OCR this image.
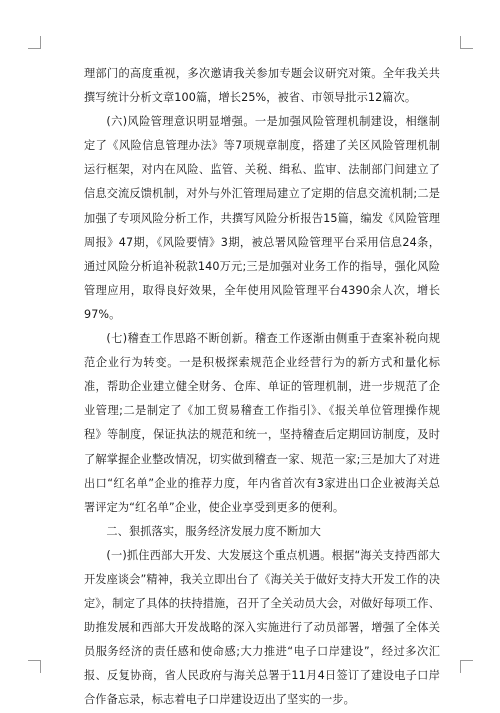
理部门的高度重视，多次邀请我关参加专题会议研究对策。全年我关共撰写统计分析文章100篇，增长25%，被省、市领导批示12篇次。

(六)风险管理意识明显增强。一是加强风险管理机制建设，相继制定了《风险信息管理办法》等7项规章制度，搭建了关区风险管理机制运行框架，对内在风险、监管、关税、缉私、监审、法制部门间建立了信息交流反馈机制，对外与外汇管理局建立了定期的信息交流机制;二是加强了专项风险分析工作，共撰写风险分析报告15篇，编发《风险管理周报》47期，《风险要情》3期，被总署风险管理平台采用信息24条，通过风险分析追补税款140万元;三是加强对业务工作的指导，强化风险管理应用，取得良好效果，全年使用风险管理平台4390余人次，增长97%。

(七)稽查工作思路不断创新。稽查工作逐渐由侧重于查案补税向规范企业行为转变。一是积极探索规范企业经营行为的新方式和量化标准，帮助企业建立健全财务、仓库、单证的管理机制，进一步规范了企业管理;二是制定了《加工贸易稽查工作指引》、《报关单位管理操作规程》等制度，保证执法的规范和统一，坚持稽查后定期回访制度，及时了解掌握企业整改情况，切实做到稽查一家、规范一家;三是加大了对进出口“红名单”企业的推荐力度，年内省首次有3家进出口企业被海关总署评定为“红名单”企业，使企业享受到更多的便利。

二、狠抓落实，服务经济发展力度不断加大

(一)抓住西部大开发、大发展这个重点机遇。根据“海关支持西部大开发座谈会”精神，我关立即出台了《海关关于做好支持大开发工作的决定》，制定了具体的扶持措施，召开了全关动员大会，对做好每项工作、助推发展和西部大开发战略的深入实施进行了动员部署，增强了全体关员服务经济的责任感和使命感;大力推进“电子口岸建设”，经过多次汇报、反复协商，省人民政府与海关总署于11月4日签订了建设电子口岸合作备忘录，标志着电子口岸建设迈出了坚实的一步。
